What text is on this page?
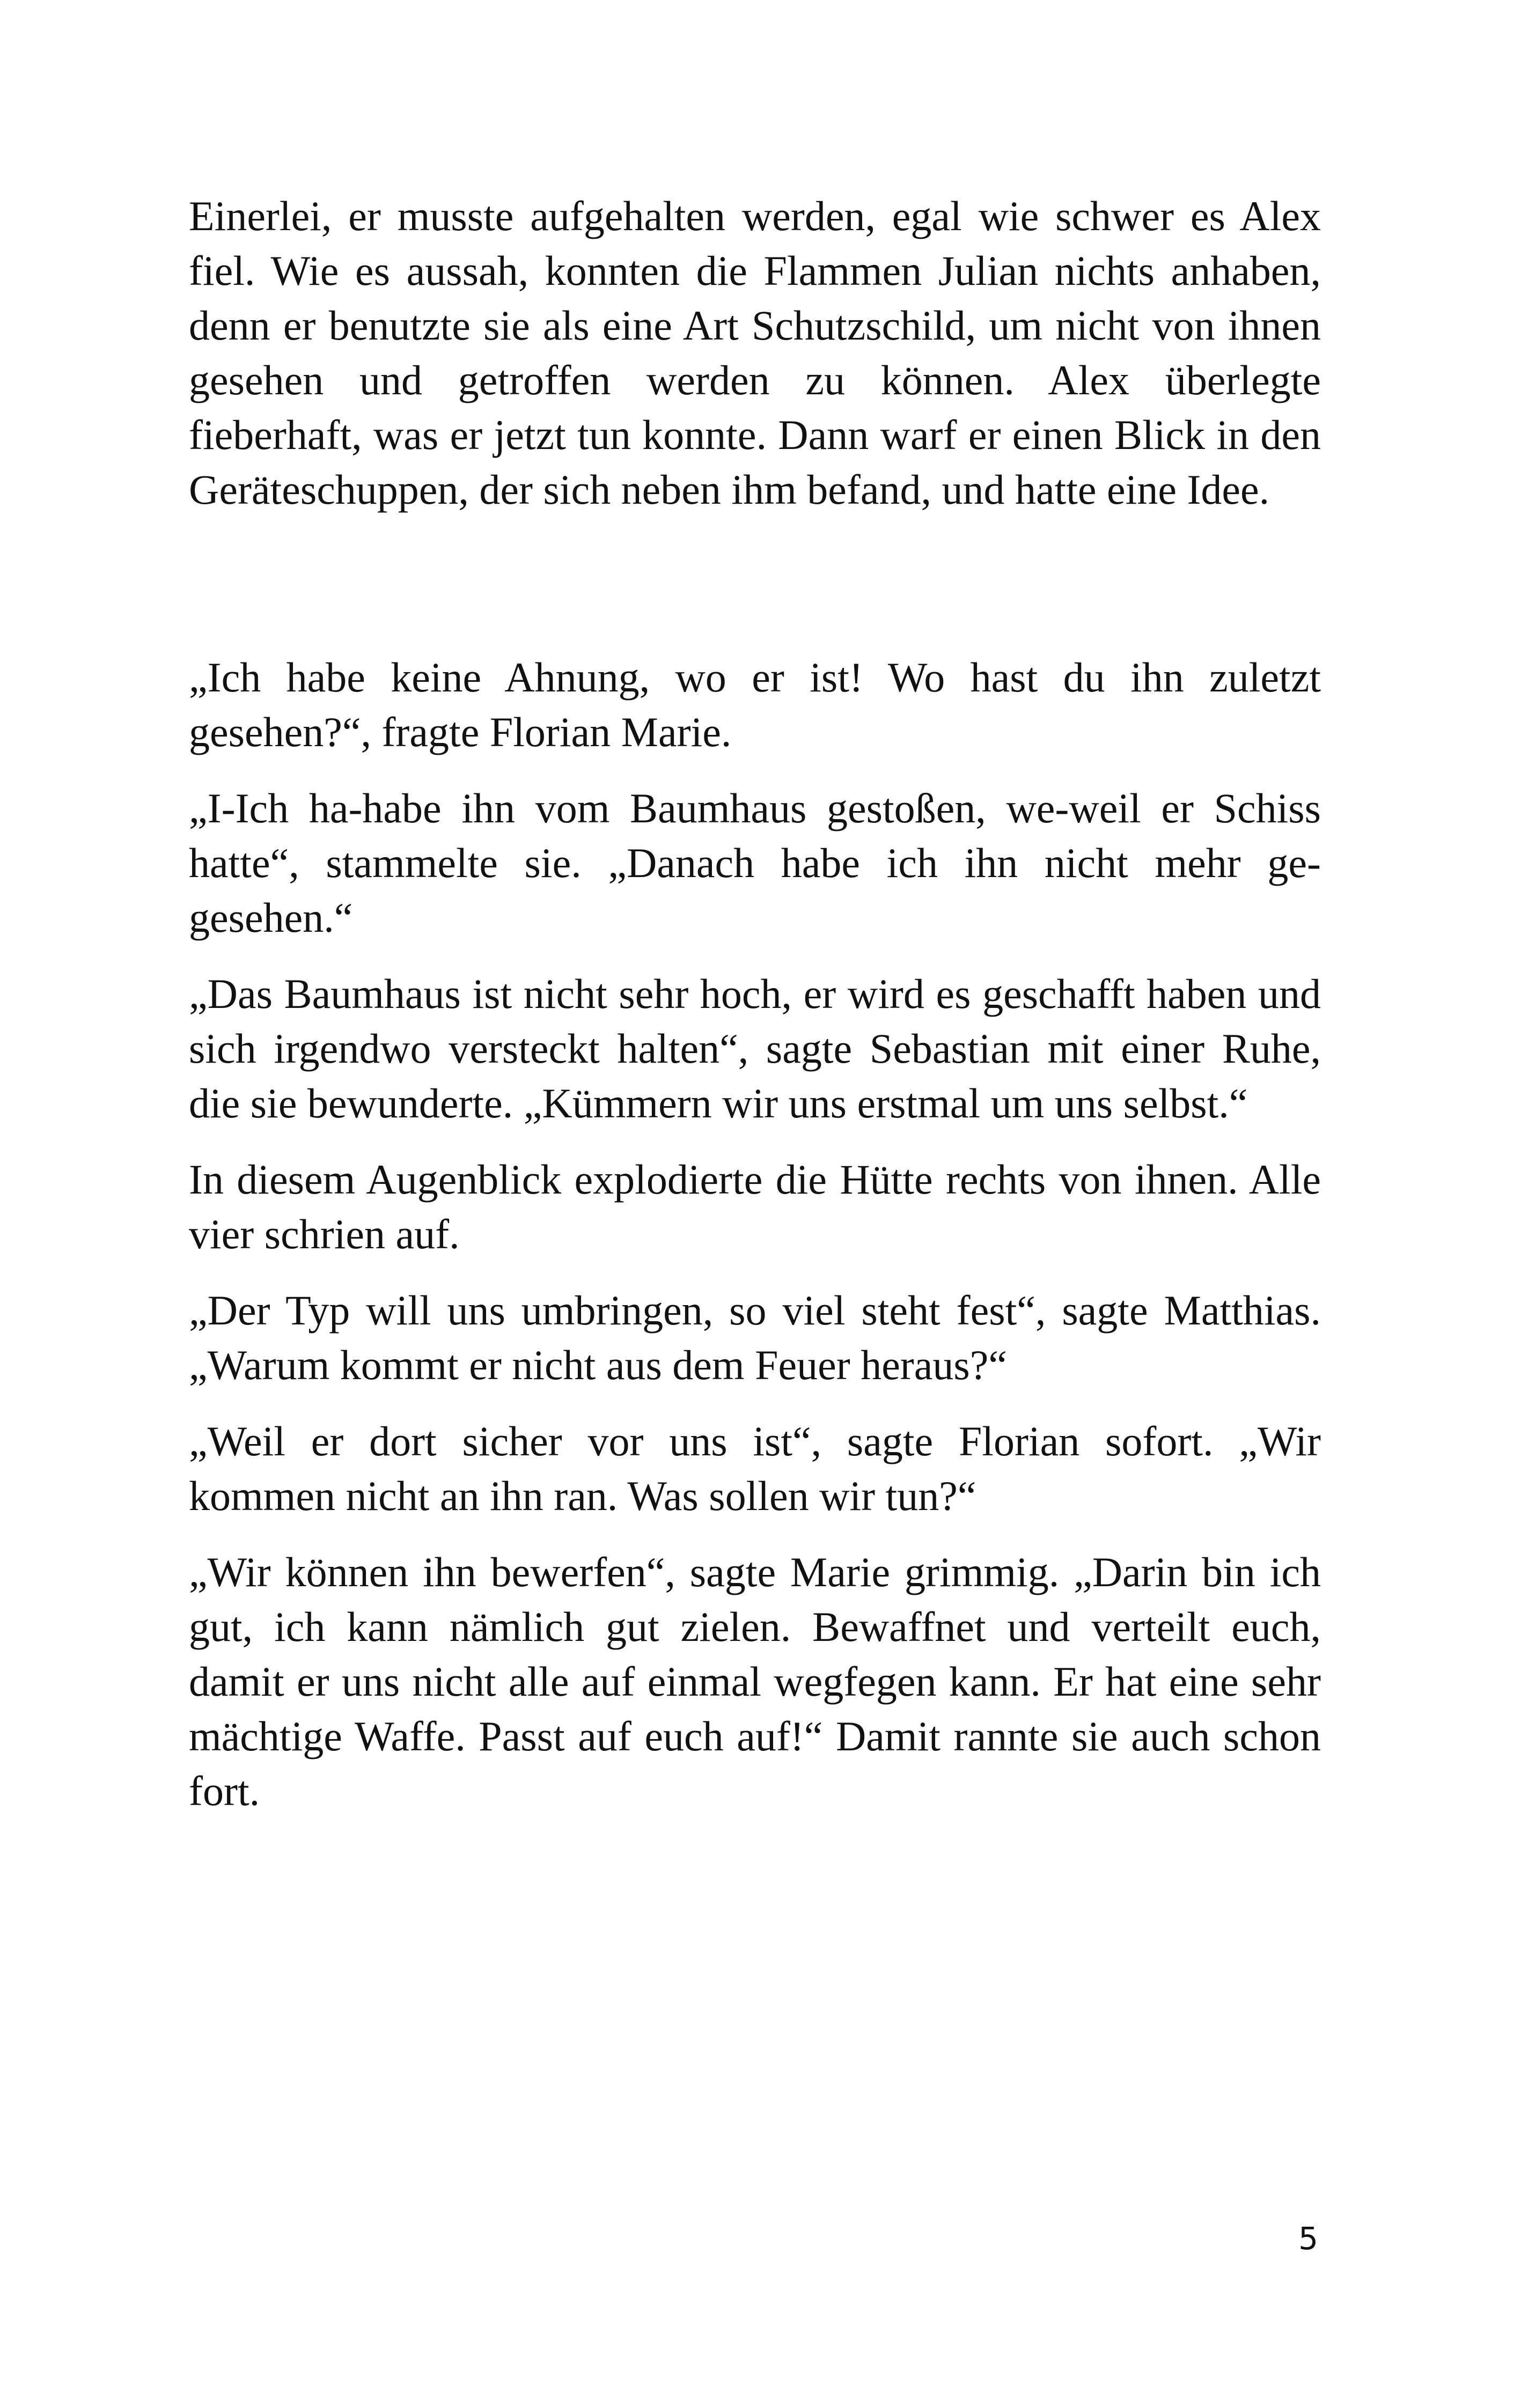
Einerlei, er musste aufgehalten werden, egal wie schwer es Alex fiel. Wie es aussah, konnten die Flammen Julian nichts anhaben, denn er benutzte sie als eine Art Schutzschild, um nicht von ihnen gesehen und getroffen werden zu können. Alex überlegte fieberhaft, was er jetzt tun konnte. Dann warf er einen Blick in den Geräteschuppen, der sich neben ihm befand, und hatte eine Idee.

„Ich habe keine Ahnung, wo er ist! Wo hast du ihn zuletzt gesehen?“, fragte Florian Marie.

„I-Ich ha-habe ihn vom Baumhaus gestoßen, we-weil er Schiss hatte“, stammelte sie. „Danach habe ich ihn nicht mehr gegesehen.“

„Das Baumhaus ist nicht sehr hoch, er wird es geschafft haben und sich irgendwo versteckt halten“, sagte Sebastian mit einer Ruhe, die sie bewunderte. „Kümmern wir uns erstmal um uns selbst.“

In diesem Augenblick explodierte die Hütte rechts von ihnen. Alle vier schrien auf.

„Der Typ will uns umbringen, so viel steht fest“, sagte Matthias. „Warum kommt er nicht aus dem Feuer heraus?“

„Weil er dort sicher vor uns ist“, sagte Florian sofort. „Wir kommen nicht an ihn ran. Was sollen wir tun?“

„Wir können ihn bewerfen“, sagte Marie grimmig. „Darin bin ich gut, ich kann nämlich gut zielen. Bewaffnet und verteilt euch, damit er uns nicht alle auf einmal wegfegen kann. Er hat eine sehr mächtige Waffe. Passt auf euch auf!“ Damit rannte sie auch schon fort.

5
